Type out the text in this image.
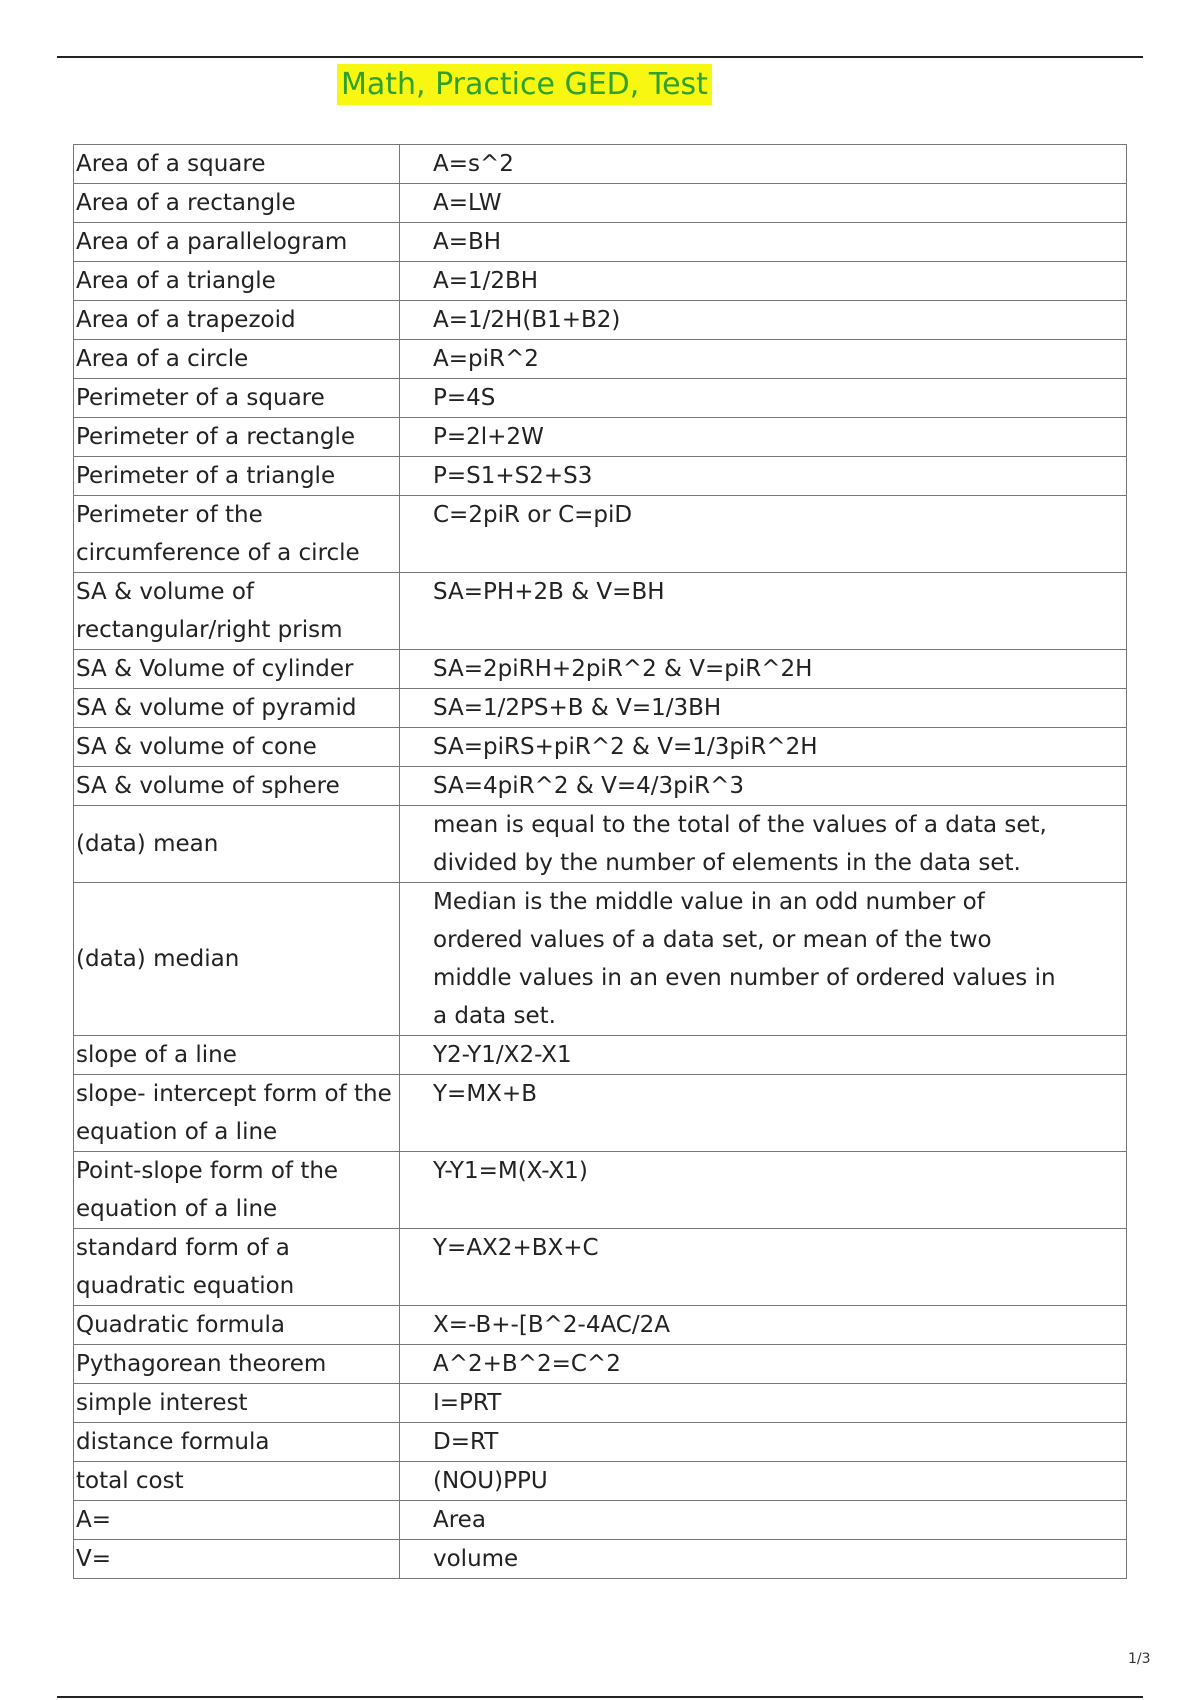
Math, Practice GED, Test
Area of a square	A=s^2
Area of a rectangle	A=LW
Area of a parallelogram	A=BH
Area of a triangle	A=1/2BH
Area of a trapezoid	A=1/2H(B1+B2)
Area of a circle	A=piR^2
Perimeter of a square	P=4S
Perimeter of a rectangle	P=2l+2W
Perimeter of a triangle	P=S1+S2+S3
Perimeter of the circumference of a circle	C=2piR or C=piD
SA & volume of rectangular/right prism	SA=PH+2B & V=BH
SA & Volume of cylinder	SA=2piRH+2piR^2 & V=piR^2H
SA & volume of pyramid	SA=1/2PS+B & V=1/3BH
SA & volume of cone	SA=piRS+piR^2 & V=1/3piR^2H
SA & volume of sphere	SA=4piR^2 & V=4/3piR^3
(data) mean	mean is equal to the total of the values of a data set, divided by the number of elements in the data set.
(data) median	Median is the middle value in an odd number of ordered values of a data set, or mean of the two middle values in an even number of ordered values in a data set.
slope of a line	Y2-Y1/X2-X1
slope- intercept form of the equation of a line	Y=MX+B
Point-slope form of the equation of a line	Y-Y1=M(X-X1)
standard form of a quadratic equation	Y=AX2+BX+C
Quadratic formula	X=-B+-[B^2-4AC/2A
Pythagorean theorem	A^2+B^2=C^2
simple interest	I=PRT
distance formula	D=RT
total cost	(NOU)PPU
A=	Area
V=	volume
1/3
